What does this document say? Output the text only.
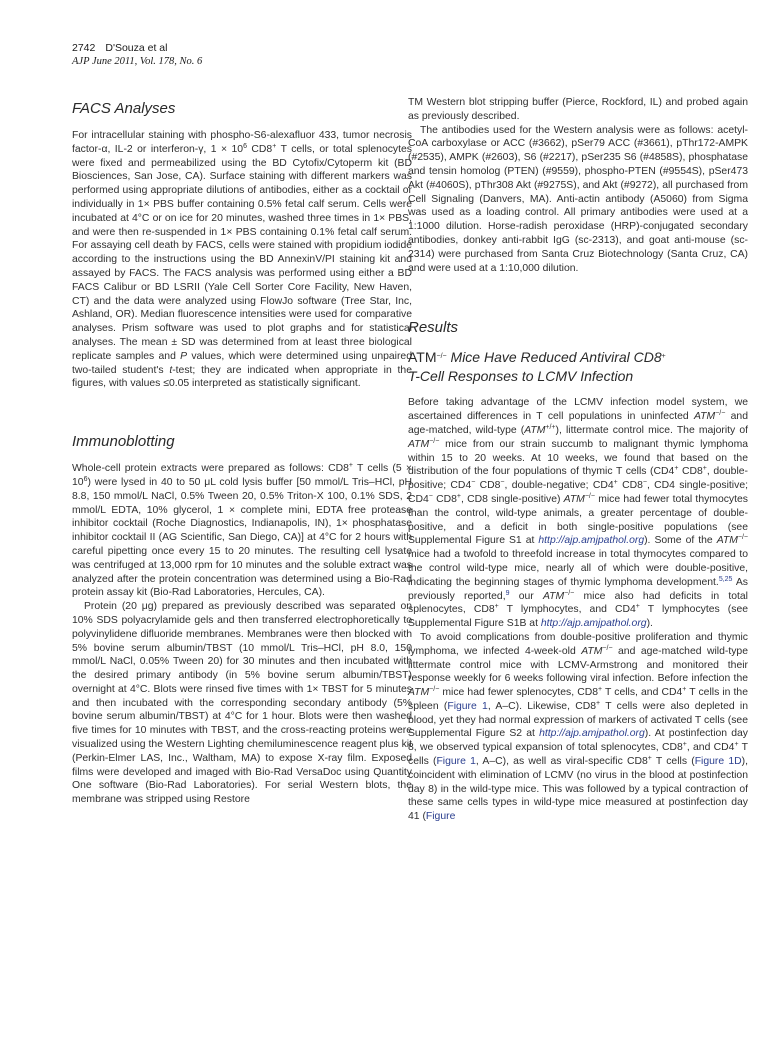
2742 D'Souza et al
AJP June 2011, Vol. 178, No. 6
FACS Analyses

For intracellular staining with phospho-S6-alexafluor 433, tumor necrosis factor-α, IL-2 or interferon-γ, $1 \times 10^6$ CD8+ T cells, or total splenocytes were fixed and permeabilized using the BD Cytofix/Cytoperm kit (BD Biosciences, San Jose, CA). Surface staining with different markers was performed using appropriate dilutions of antibodies, either as a cocktail or individually in 1× PBS buffer containing 0.5% fetal calf serum. Cells were incubated at 4°C or on ice for 20 minutes, washed three times in 1× PBS, and were then re-suspended in 1× PBS containing 0.1% fetal calf serum. For assaying cell death by FACS, cells were stained with propidium iodide according to the instructions using the BD AnnexinV/PI staining kit and assayed by FACS. The FACS analysis was performed using either a BD FACS Calibur or BD LSRII (Yale Cell Sorter Core Facility, New Haven, CT) and the data were analyzed using FlowJo software (Tree Star, Inc, Ashland, OR). Median fluorescence intensities were used for comparative analyses. Prism software was used to plot graphs and for statistical analyses. The mean ± SD was determined from at least three biological replicate samples and P values, which were determined using unpaired two-tailed student's t-test; they are indicated when appropriate in the figures, with values ≤0.05 interpreted as statistically significant.

Immunoblotting

Whole-cell protein extracts were prepared as follows: CD8+ T cells $(5 \times 10^6)$ were lysed in 40 to 50 μL cold lysis buffer [50 mmol/L Tris–HCl, pH 8.8, 150 mmol/L NaCl, 0.5% Tween 20, 0.5% Triton-X 100, 0.1% SDS, 2 mmol/L EDTA, 10% glycerol, 1 × complete mini, EDTA free protease inhibitor cocktail (Roche Diagnostics, Indianapolis, IN), 1× phosphatase inhibitor cocktail II (AG Scientific, San Diego, CA)] at 4°C for 2 hours with careful pipetting once every 15 to 20 minutes. The resulting cell lysate was centrifuged at 13,000 rpm for 10 minutes and the soluble extract was analyzed after the protein concentration was determined using a Bio-Rad protein assay kit (Bio-Rad Laboratories, Hercules, CA).

Protein (20 μg) prepared as previously described was separated on 10% SDS polyacrylamide gels and then transferred electrophoretically to polyvinylidene difluoride membranes. Membranes were then blocked with 5% bovine serum albumin/TBST (10 mmol/L Tris–HCl, pH 8.0, 150 mmol/L NaCl, 0.05% Tween 20) for 30 minutes and then incubated with the desired primary antibody (in 5% bovine serum albumin/TBST) overnight at 4°C. Blots were rinsed five times with 1× TBST for 5 minutes and then incubated with the corresponding secondary antibody (5% bovine serum albumin/TBST) at 4°C for 1 hour. Blots were then washed five times for 10 minutes with TBST, and the cross-reacting proteins were visualized using the Western Lighting chemiluminescence reagent plus kit (Perkin-Elmer LAS, Inc., Waltham, MA) to expose X-ray film. Exposed films were developed and imaged with Bio-Rad VersaDoc using Quantity One software (Bio-Rad Laboratories). For serial Western blots, the membrane was stripped using Restore

TM Western blot stripping buffer (Pierce, Rockford, IL) and probed again as previously described.

The antibodies used for the Western analysis were as follows: acetyl-CoA carboxylase or ACC (#3662), pSer79 ACC (#3661), pThr172-AMPK (#2535), AMPK (#2603), S6 (#2217), pSer235 S6 (#4858S), phosphatase and tensin homolog (PTEN) (#9559), phospho-PTEN (#9554S), pSer473 Akt (#4060S), pThr308 Akt (#9275S), and Akt (#9272), all purchased from Cell Signaling (Danvers, MA). Anti-actin antibody (A5060) from Sigma was used as a loading control. All primary antibodies were used at a 1:1000 dilution. Horse-radish peroxidase (HRP)-conjugated secondary antibodies, donkey anti-rabbit IgG (sc-2313), and goat anti-mouse (sc-2314) were purchased from Santa Cruz Biotechnology (Santa Cruz, CA) and were used at a 1:10,000 dilution.

Results
ATM−/− Mice Have Reduced Antiviral CD8+
T-Cell Responses to LCMV Infection

Before taking advantage of the LCMV infection model system, we ascertained differences in T cell populations in uninfected ATM−/− and age-matched, wild-type (ATM+/+), littermate control mice. The majority of ATM−/− mice from our strain succumb to malignant thymic lymphoma within 15 to 20 weeks. At 10 weeks, we found that based on the distribution of the four populations of thymic T cells (CD4+ CD8+, double-positive; CD4− CD8−, double-negative; CD4+ CD8−, CD4 single-positive; CD4− CD8+, CD8 single-positive) ATM−/− mice had fewer total thymocytes than the control, wild-type animals, a greater percentage of double-positive, and a deficit in both single-positive populations (see Supplemental Figure S1 at http://ajp.amjpathol.org). Some of the ATM−/− mice had a twofold to threefold increase in total thymocytes compared to the control wild-type mice, nearly all of which were double-positive, indicating the beginning stages of thymic lymphoma development.$^{5,25}$ As previously reported,$^9$ our ATM−/− mice also had deficits in total splenocytes, CD8+ T lymphocytes, and CD4+ T lymphocytes (see Supplemental Figure S1B at http://ajp.amjpathol.org).

To avoid complications from double-positive proliferation and thymic lymphoma, we infected 4-week-old ATM−/− and age-matched wild-type littermate control mice with LCMV-Armstrong and monitored their response weekly for 6 weeks following viral infection. Before infection the ATM−/− mice had fewer splenocytes, CD8+ T cells, and CD4+ T cells in the spleen (Figure 1, A–C). Likewise, CD8+ T cells were also depleted in blood, yet they had normal expression of markers of activated T cells (see Supplemental Figure S2 at http://ajp.amjpathol.org). At postinfection day 8, we observed typical expansion of total splenocytes, CD8+, and CD4+ T cells (Figure 1, A–C), as well as viral-specific CD8+ T cells (Figure 1D), coincident with elimination of LCMV (no virus in the blood at postinfection day 8) in the wild-type mice. This was followed by a typical contraction of these same cells types in wild-type mice measured at postinfection day 41 (Figure
